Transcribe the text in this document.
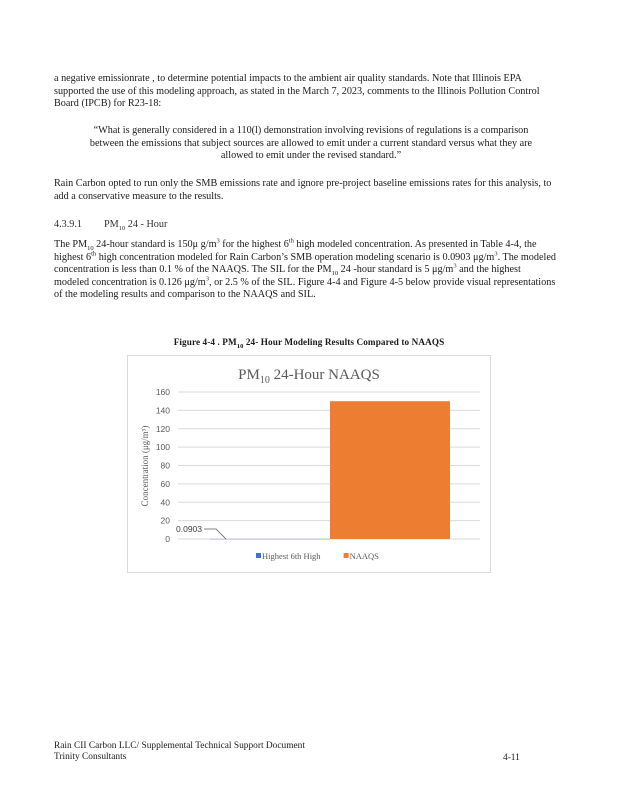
a negative emissionrate , to determine potential impacts to the ambient air quality standards. Note that Illinois EPA supported the use of this modeling approach, as stated in the March 7, 2023, comments to the Illinois Pollution Control Board (IPCB) for R23-18:

“What is generally considered in a 110(l) demonstration involving revisions of regulations is a comparison between the emissions that subject sources are allowed to emit under a current standard versus what they are allowed to emit under the revised standard.”

Rain Carbon opted to run only the SMB emissions rate and ignore pre-project baseline emissions rates for this analysis, to add a conservative measure to the results.

4.3.9.1 $PM_{10}$ 24 - Hour

The $PM_{10}$ 24-hour standard is 150μ $g/m^3$ for the highest 6th high modeled concentration. As presented in Table 4-4, the highest 6th high concentration modeled for Rain Carbon’s SMB operation modeling scenario is 0.0903 $\mu g/m^3$. The modeled concentration is less than 0.1 % of the NAAQS. The SIL for the $PM_{10}$ 24 -hour standard is 5 $\mu g/m^3$ and the highest modeled concentration is 0.126 $\mu g/m^3$, or 2.5 % of the SIL. Figure 4-4 and Figure 4-5 below provide visual representations of the modeling results and comparison to the NAAQS and SIL.

Figure 4-4 . $PM_{10}$ 24- Hour Modeling Results Compared to NAAQS
$PM_{10}$ 24-Hour NAAQS
0
20
40
60
80
100
120
140
160
0.0903
Concentration (μg/m³)
Highest 6th High	NAAQS
Rain CII Carbon LLC/ Supplemental Technical Support Document
Trinity Consultants	4-11
